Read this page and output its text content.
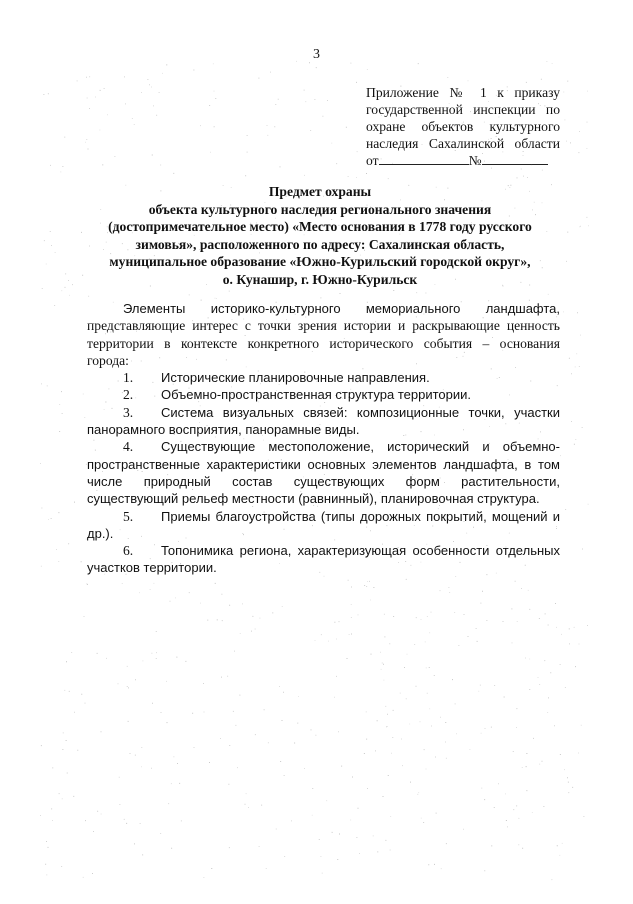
3
Приложение № 1 к приказу
государственной инспекции по
охране объектов культурного
наследия Сахалинской области
от	№
Предмет охраны
объекта культурного наследия регионального значения
(достопримечательное место) «Место основания в 1778 году русского
зимовья», расположенного по адресу: Сахалинская область,
муниципальное образование «Южно-Курильский городской округ»,
о. Кунашир, г. Южно-Курильск
Элементы историко-культурного мемориального ландшафта,
представляющие интерес с точки зрения истории и раскрывающие ценность
территории в контексте конкретного исторического события – основания
города:
1. Исторические планировочные направления.
2. Объемно-пространственная структура территории.
3.	Система визуальных связей: композиционные точки, участки
панорамного восприятия, панорамные виды.
4.	Существующие местоположение, исторический и объемно-
пространственные характеристики основных элементов ландшафта, в том
числе природный состав существующих форм растительности,
существующий рельеф местности (равнинный), планировочная структура.
5.	Приемы благоустройства (типы дорожных покрытий, мощений и
др.).
6.	Топонимика региона, характеризующая особенности отдельных
участков территории.
